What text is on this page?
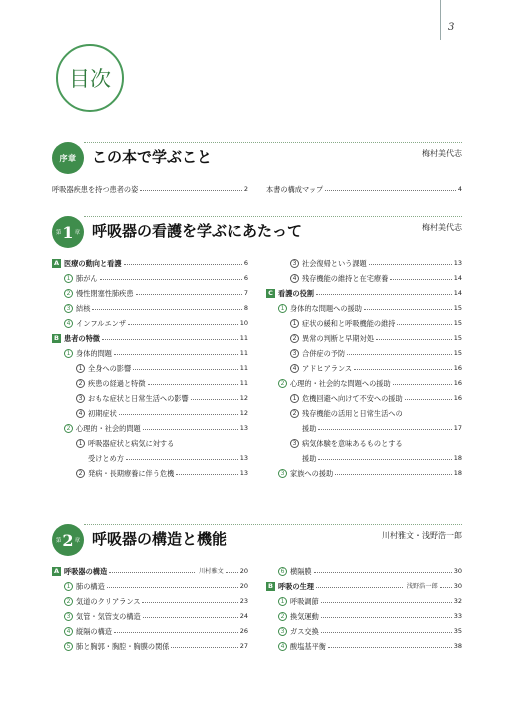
3
目次
序章 この本で学ぶこと	梅村美代志
呼吸器疾患を持つ患者の姿	2	本書の構成マップ	4
第 1 章 呼吸器の看護を学ぶにあたって	梅村美代志
A 医療の動向と看護	6
1 肺がん	6
2 慢性閉塞性肺疾患	7
3 結核	8
4 インフルエンザ	10
B 患者の特徴	11
1 身体的問題	11
1 全身への影響	11
2 疾患の経過と特徴	11
3 おもな症状と日常生活への影響	12
4 初期症状	12
2 心理的・社会的問題	13
1 呼吸器症状と病気に対する
受けとめ方	13
2 発病・長期療養に伴う危機	13
3 社会復帰という課題	13
4 残存機能の維持と在宅療養	14
C 看護の役割	14
1 身体的な問題への援助	15
1 症状の緩和と呼吸機能の維持	15
2 異常の判断と早期対処	15
3 合併症の予防	15
4 アドヒアランス	16
2 心理的・社会的な問題への援助	16
1 危機回避へ向けて不安への援助	16
2 残存機能の活用と日常生活への
援助	17
3 病気体験を意味あるものとする
援助	18
3 家族への援助	18
第 2 章 呼吸器の構造と機能	川村雅文・浅野浩一郎
A 呼吸器の構造	川村雅文 20
1 肺の構造	20
2 気道のクリアランス	23
3 気管・気管支の構造	24
4 縦隔の構造	26
5 肺と胸郭・胸腔・胸膜の関係	27
6 横隔膜	30
B 呼吸の生理	浅野浩一郎 30
1 呼吸調節	32
2 換気運動	33
3 ガス交換	35
4 酸塩基平衡	38
